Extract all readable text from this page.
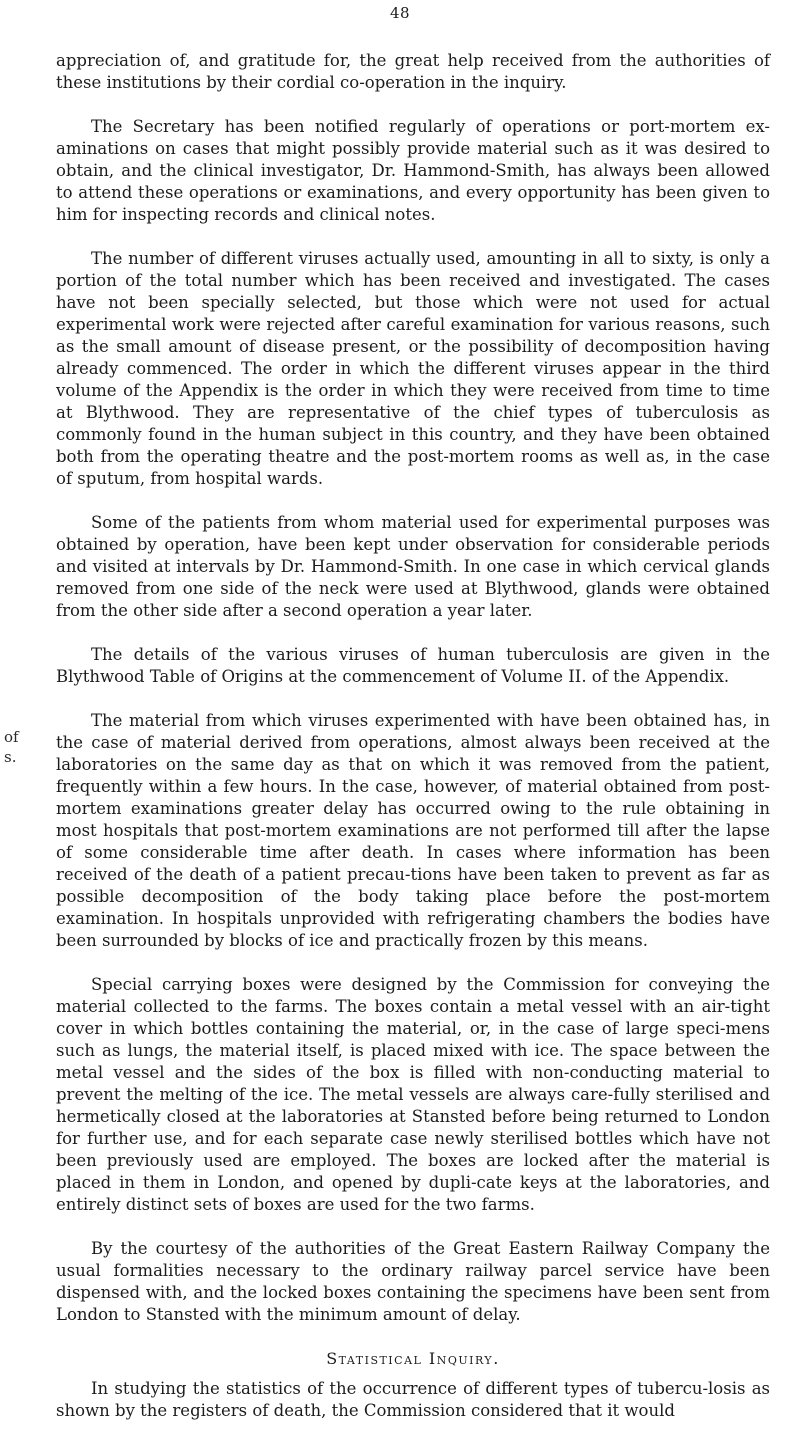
48
of
s.

appreciation of, and gratitude for, the great help received from the authorities of these institutions by their cordial co-operation in the inquiry.

The Secretary has been notified regularly of operations or port-mortem ex-aminations on cases that might possibly provide material such as it was desired to obtain, and the clinical investigator, Dr. Hammond-Smith, has always been allowed to attend these operations or examinations, and every opportunity has been given to him for inspecting records and clinical notes.

The number of different viruses actually used, amounting in all to sixty, is only a portion of the total number which has been received and investigated. The cases have not been specially selected, but those which were not used for actual experimental work were rejected after careful examination for various reasons, such as the small amount of disease present, or the possibility of decomposition having already commenced. The order in which the different viruses appear in the third volume of the Appendix is the order in which they were received from time to time at Blythwood. They are representative of the chief types of tuberculosis as commonly found in the human subject in this country, and they have been obtained both from the operating theatre and the post-mortem rooms as well as, in the case of sputum, from hospital wards.

Some of the patients from whom material used for experimental purposes was obtained by operation, have been kept under observation for considerable periods and visited at intervals by Dr. Hammond-Smith. In one case in which cervical glands removed from one side of the neck were used at Blythwood, glands were obtained from the other side after a second operation a year later.

The details of the various viruses of human tuberculosis are given in the Blythwood Table of Origins at the commencement of Volume II. of the Appendix.

The material from which viruses experimented with have been obtained has, in the case of material derived from operations, almost always been received at the laboratories on the same day as that on which it was removed from the patient, frequently within a few hours. In the case, however, of material obtained from post-mortem examinations greater delay has occurred owing to the rule obtaining in most hospitals that post-mortem examinations are not performed till after the lapse of some considerable time after death. In cases where information has been received of the death of a patient precau-tions have been taken to prevent as far as possible decomposition of the body taking place before the post-mortem examination. In hospitals unprovided with refrigerating chambers the bodies have been surrounded by blocks of ice and practically frozen by this means.

Special carrying boxes were designed by the Commission for conveying the material collected to the farms. The boxes contain a metal vessel with an air-tight cover in which bottles containing the material, or, in the case of large speci-mens such as lungs, the material itself, is placed mixed with ice. The space between the metal vessel and the sides of the box is filled with non-conducting material to prevent the melting of the ice. The metal vessels are always care-fully sterilised and hermetically closed at the laboratories at Stansted before being returned to London for further use, and for each separate case newly sterilised bottles which have not been previously used are employed. The boxes are locked after the material is placed in them in London, and opened by dupli-cate keys at the laboratories, and entirely distinct sets of boxes are used for the two farms.

By the courtesy of the authorities of the Great Eastern Railway Company the usual formalities necessary to the ordinary railway parcel service have been dispensed with, and the locked boxes containing the specimens have been sent from London to Stansted with the minimum amount of delay.

Statistical Inquiry.

In studying the statistics of the occurrence of different types of tubercu-losis as shown by the registers of death, the Commission considered that it would
